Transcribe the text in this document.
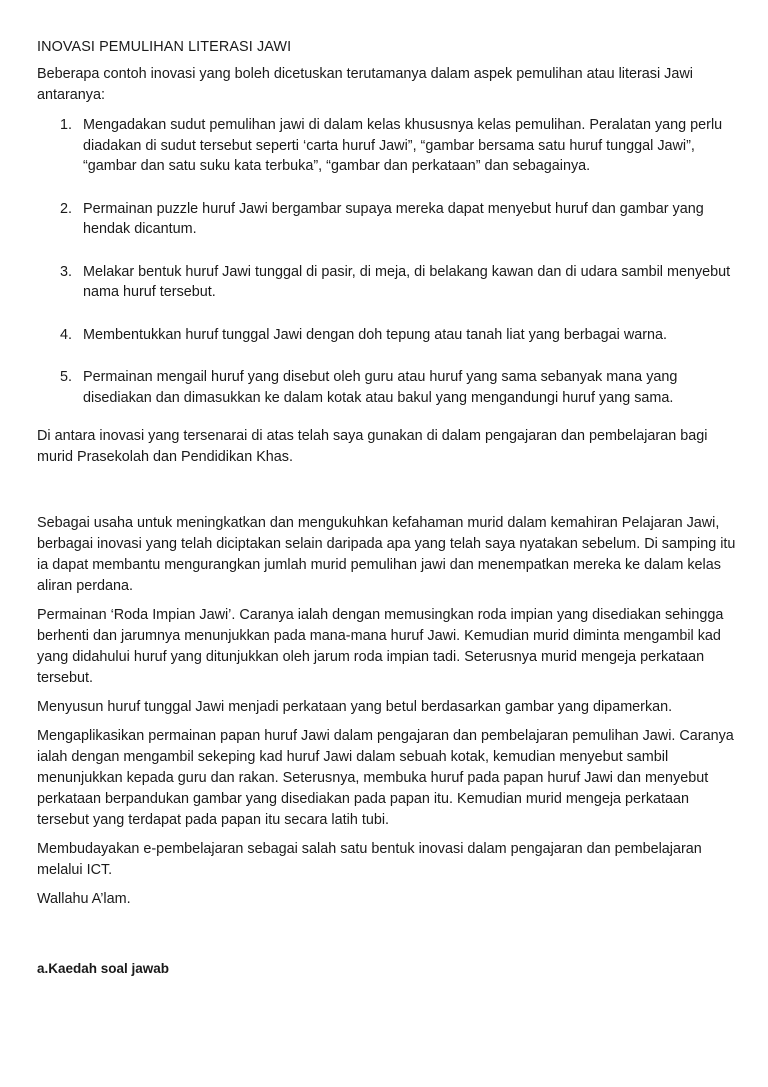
INOVASI PEMULIHAN LITERASI JAWI

Beberapa contoh inovasi yang boleh dicetuskan terutamanya dalam aspek pemulihan atau literasi Jawi antaranya:

1. Mengadakan sudut pemulihan jawi di dalam kelas khususnya kelas pemulihan. Peralatan yang perlu diadakan di sudut tersebut seperti ‘carta huruf Jawi”, “gambar bersama satu huruf tunggal Jawi”, “gambar dan satu suku kata terbuka”, “gambar dan perkataan” dan sebagainya.
2. Permainan puzzle huruf Jawi bergambar supaya mereka dapat menyebut huruf dan gambar yang hendak dicantum.
3. Melakar bentuk huruf Jawi tunggal di pasir, di meja, di belakang kawan dan di udara sambil menyebut nama huruf tersebut.
4. Membentukkan huruf tunggal Jawi dengan doh tepung atau tanah liat yang berbagai warna.
5. Permainan mengail huruf yang disebut oleh guru atau huruf yang sama sebanyak mana yang disediakan dan dimasukkan ke dalam kotak atau bakul yang mengandungi huruf yang sama.

Di antara inovasi yang tersenarai di atas telah saya gunakan di dalam pengajaran dan pembelajaran bagi murid Prasekolah dan Pendidikan Khas.

Sebagai usaha untuk meningkatkan dan mengukuhkan kefahaman murid dalam kemahiran Pelajaran Jawi, berbagai inovasi yang telah diciptakan selain daripada apa yang telah saya nyatakan sebelum. Di samping itu ia dapat membantu mengurangkan jumlah murid pemulihan jawi dan menempatkan mereka ke dalam kelas aliran perdana.

Permainan ‘Roda Impian Jawi’. Caranya ialah dengan memusingkan roda impian yang disediakan sehingga berhenti dan jarumnya menunjukkan pada mana-mana huruf Jawi. Kemudian murid diminta mengambil kad yang didahului huruf yang ditunjukkan oleh jarum roda impian tadi. Seterusnya murid mengeja perkataan tersebut.

Menyusun huruf tunggal Jawi menjadi perkataan yang betul berdasarkan gambar yang dipamerkan.

Mengaplikasikan permainan papan huruf Jawi dalam pengajaran dan pembelajaran pemulihan Jawi. Caranya ialah dengan mengambil sekeping kad huruf Jawi dalam sebuah kotak, kemudian menyebut sambil menunjukkan kepada guru dan rakan. Seterusnya, membuka huruf pada papan huruf Jawi dan menyebut perkataan berpandukan gambar yang disediakan pada papan itu. Kemudian murid mengeja perkataan tersebut yang terdapat pada papan itu secara latih tubi.

Membudayakan e-pembelajaran sebagai salah satu bentuk inovasi dalam pengajaran dan pembelajaran melalui ICT.

Wallahu A’lam.

a.Kaedah soal jawab
